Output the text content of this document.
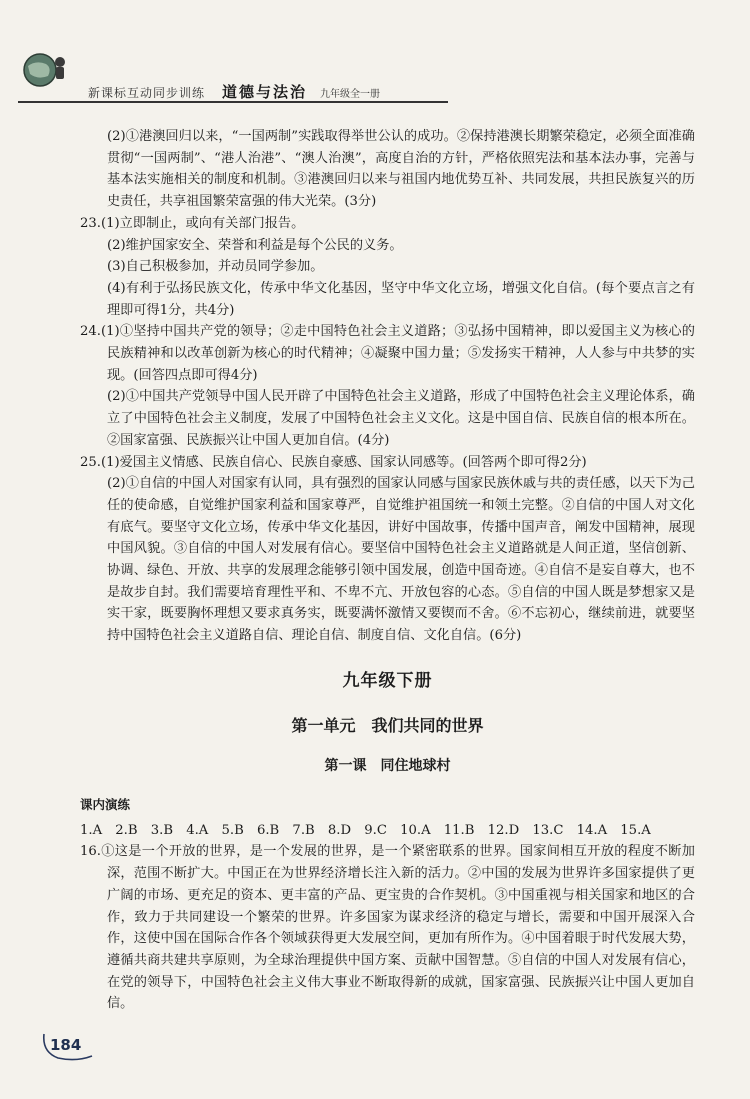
新课标互动同步训练 道德与法治 九年级全一册

(2)①港澳回归以来，“一国两制”实践取得举世公认的成功。②保持港澳长期繁荣稳定，必须全面准确贯彻“一国两制”、“港人治港”、“澳人治澳”，高度自治的方针，严格依照宪法和基本法办事，完善与基本法实施相关的制度和机制。③港澳回归以来与祖国内地优势互补、共同发展，共担民族复兴的历史责任，共享祖国繁荣富强的伟大光荣。(3分)

23.(1)立即制止，或向有关部门报告。

(2)维护国家安全、荣誉和利益是每个公民的义务。

(3)自己积极参加，并动员同学参加。

(4)有利于弘扬民族文化，传承中华文化基因，坚守中华文化立场，增强文化自信。(每个要点言之有理即可得1分，共4分)

24.(1)①坚持中国共产党的领导；②走中国特色社会主义道路；③弘扬中国精神，即以爱国主义为核心的民族精神和以改革创新为核心的时代精神；④凝聚中国力量；⑤发扬实干精神，人人参与中共梦的实现。(回答四点即可得4分)

(2)①中国共产党领导中国人民开辟了中国特色社会主义道路，形成了中国特色社会主义理论体系，确立了中国特色社会主义制度，发展了中国特色社会主义文化。这是中国自信、民族自信的根本所在。②国家富强、民族振兴让中国人更加自信。(4分)

25.(1)爱国主义情感、民族自信心、民族自豪感、国家认同感等。(回答两个即可得2分)

(2)①自信的中国人对国家有认同，具有强烈的国家认同感与国家民族休戚与共的责任感，以天下为己任的使命感，自觉维护国家利益和国家尊严，自觉维护祖国统一和领土完整。②自信的中国人对文化有底气。要坚守文化立场，传承中华文化基因，讲好中国故事，传播中国声音，阐发中国精神，展现中国风貌。③自信的中国人对发展有信心。要坚信中国特色社会主义道路就是人间正道，坚信创新、协调、绿色、开放、共享的发展理念能够引领中国发展，创造中国奇迹。④自信不是妄自尊大，也不是故步自封。我们需要培育理性平和、不卑不亢、开放包容的心态。⑤自信的中国人既是梦想家又是实干家，既要胸怀理想又要求真务实，既要满怀激情又要锲而不舍。⑥不忘初心，继续前进，就要坚持中国特色社会主义道路自信、理论自信、制度自信、文化自信。(6分)

九年级下册
第一单元　我们共同的世界
第一课　同住地球村
课内演练

1.A　2.B　3.B　4.A　5.B　6.B　7.B　8.D　9.C　10.A　11.B　12.D　13.C　14.A　15.A

16.①这是一个开放的世界，是一个发展的世界，是一个紧密联系的世界。国家间相互开放的程度不断加深，范围不断扩大。中国正在为世界经济增长注入新的活力。②中国的发展为世界许多国家提供了更广阔的市场、更充足的资本、更丰富的产品、更宝贵的合作契机。③中国重视与相关国家和地区的合作，致力于共同建设一个繁荣的世界。许多国家为谋求经济的稳定与增长，需要和中国开展深入合作，这使中国在国际合作各个领域获得更大发展空间，更加有所作为。④中国着眼于时代发展大势，遵循共商共建共享原则，为全球治理提供中国方案、贡献中国智慧。⑤自信的中国人对发展有信心，在党的领导下，中国特色社会主义伟大事业不断取得新的成就，国家富强、民族振兴让中国人更加自信。

184
